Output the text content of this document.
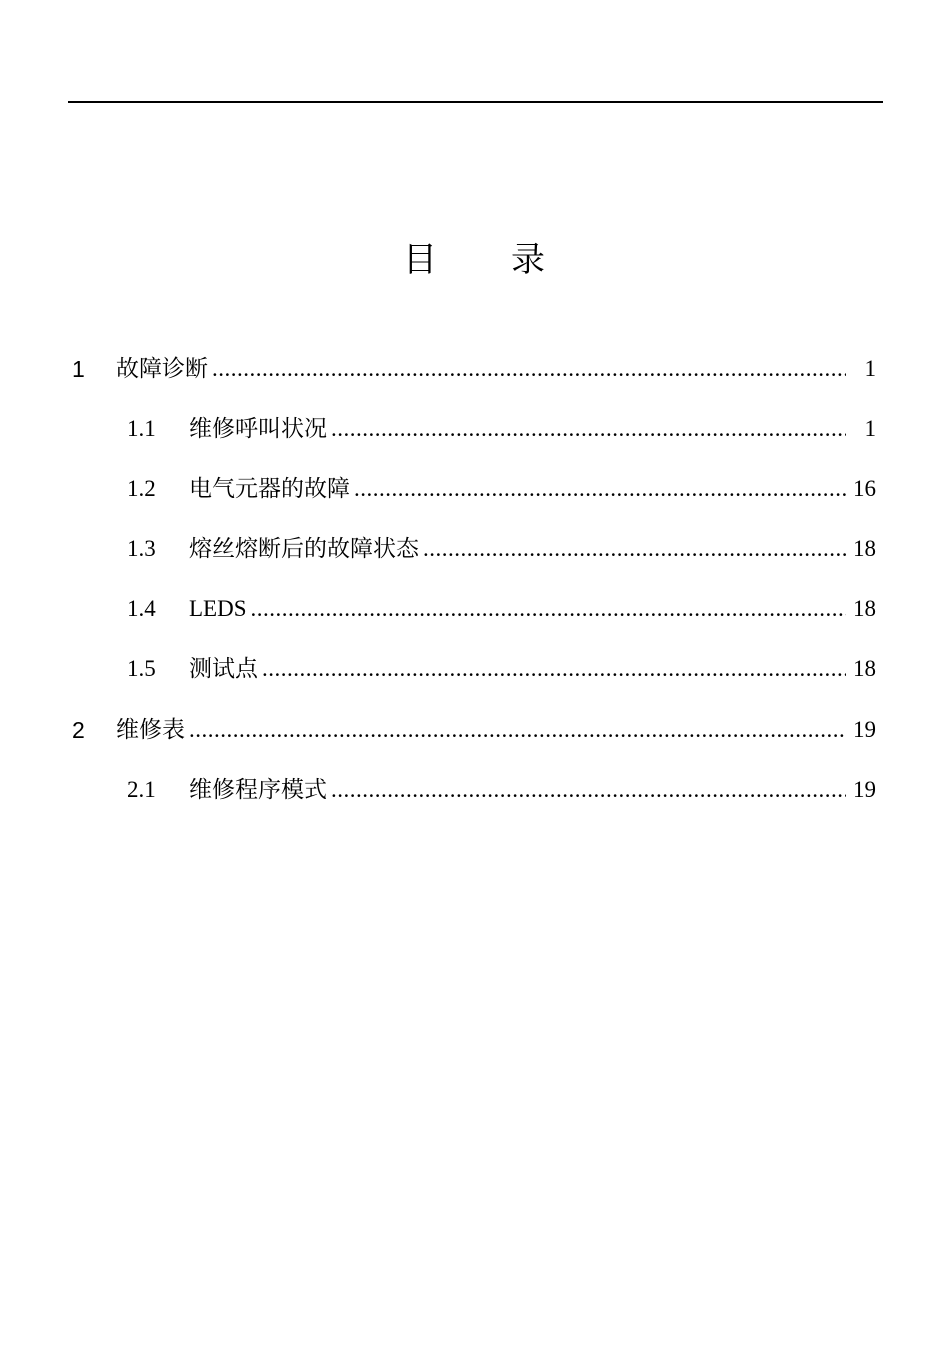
目　　录
1 故障诊断 .....	1
1.1 维修呼叫状况 .....	1
1.2 电气元器的故障 .....	16
1.3 熔丝熔断后的故障状态 .....	18
1.4 LEDS .....	18
1.5 测试点 .....	18
2 维修表 .....	19
2.1 维修程序模式 .....	19
